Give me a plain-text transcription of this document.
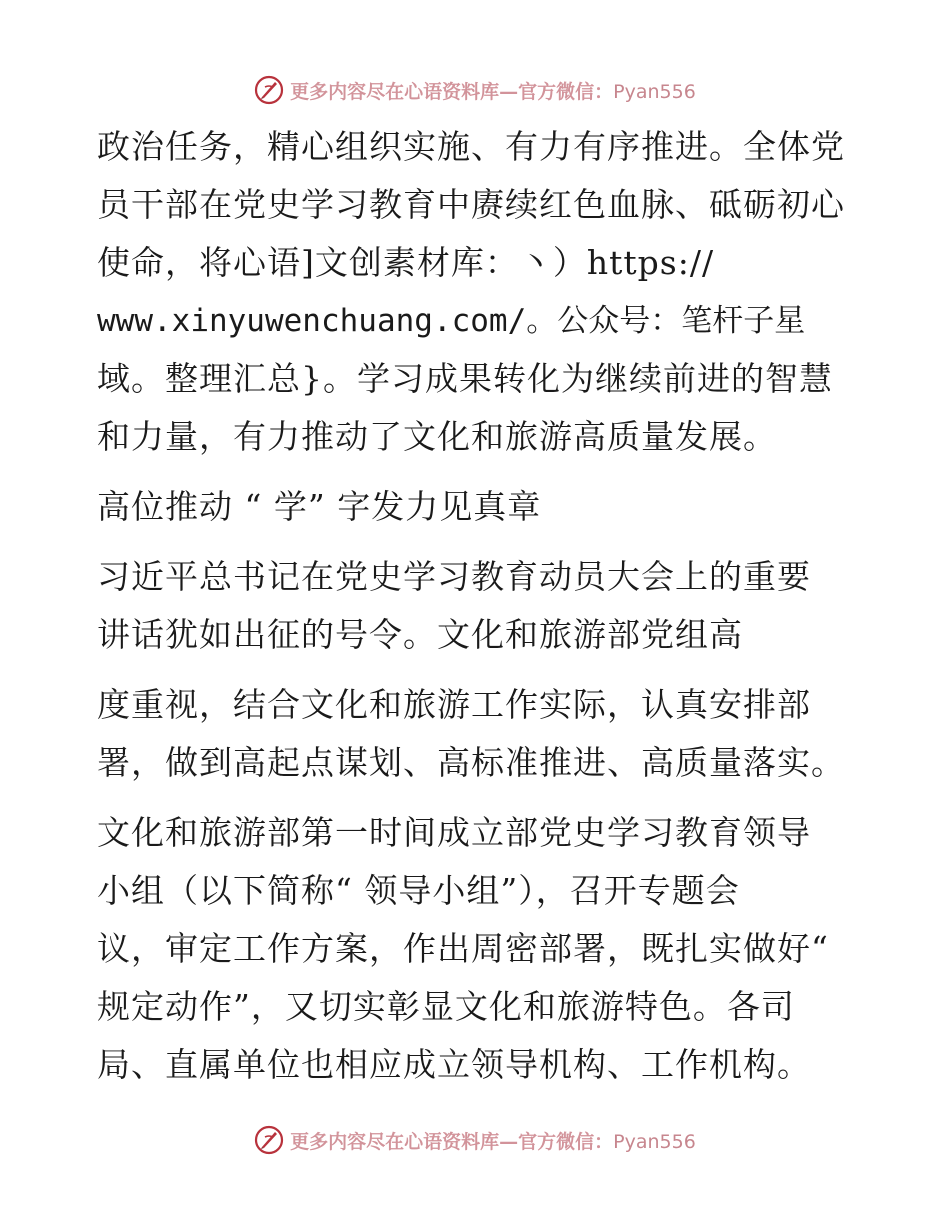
更多内容尽在心语资料库—官方微信：Pyan556
政治任务，精心组织实施、有力有序推进。全体党
员干部在党史学习教育中赓续红色血脉、砥砺初心
使命，将心语]文创素材库：丶）https://
www.xinyuwenchuang.com/。公众号：笔杆子星
域。整理汇总}。学习成果转化为继续前进的智慧
和力量，有力推动了文化和旅游高质量发展。
高位推动 “ 学” 字发力见真章
习近平总书记在党史学习教育动员大会上的重要
讲话犹如出征的号令。文化和旅游部党组高
度重视，结合文化和旅游工作实际，认真安排部
署，做到高起点谋划、高标准推进、高质量落实。
文化和旅游部第一时间成立部党史学习教育领导
小组（以下简称“ 领导小组”），召开专题会
议，审定工作方案，作出周密部署，既扎实做好“
规定动作”，又切实彰显文化和旅游特色。各司
局、直属单位也相应成立领导机构、工作机构。
更多内容尽在心语资料库—官方微信：Pyan556
